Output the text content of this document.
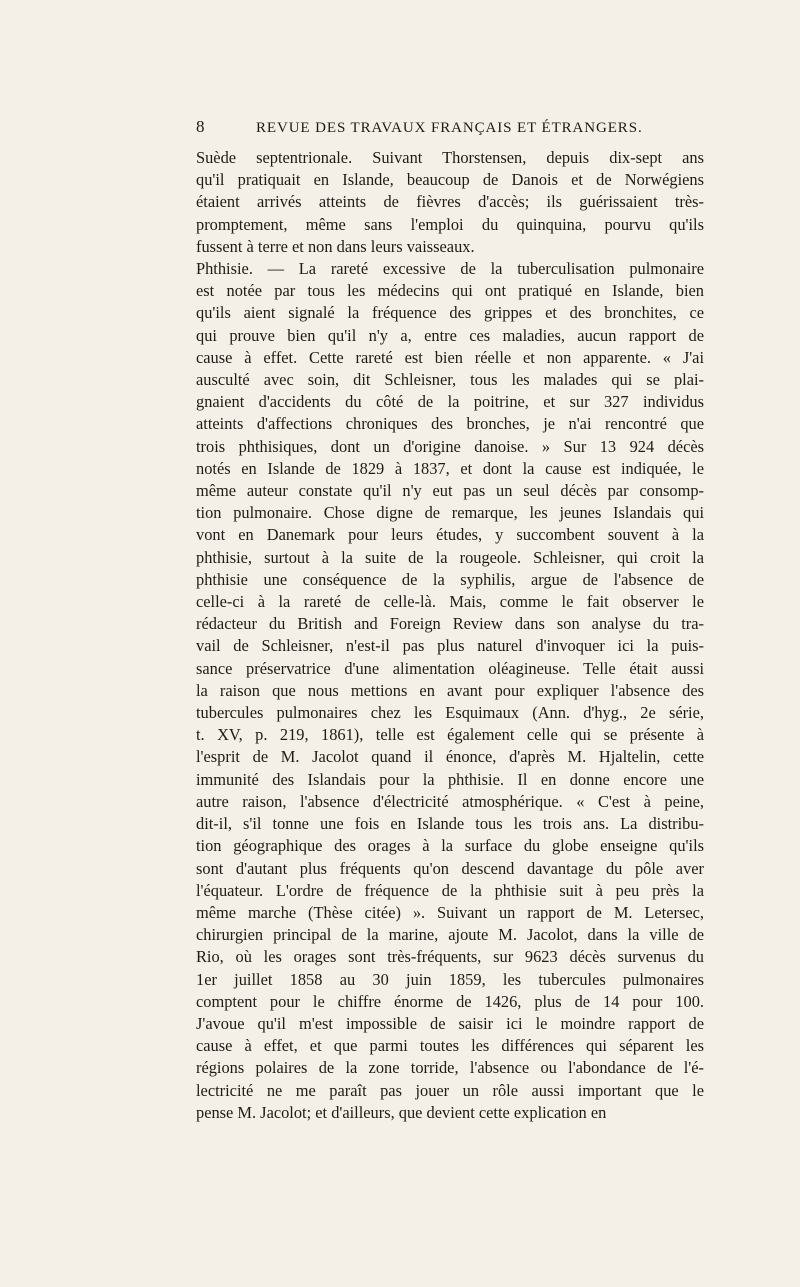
8	REVUE DES TRAVAUX FRANÇAIS ET ÉTRANGERS.
Suède septentrionale. Suivant Thorstensen, depuis dix-sept ans
qu'il pratiquait en Islande, beaucoup de Danois et de Norwégiens
étaient arrivés atteints de fièvres d'accès; ils guérissaient très-
promptement, même sans l'emploi du quinquina, pourvu qu'ils
fussent à terre et non dans leurs vaisseaux.
Phthisie. — La rareté excessive de la tuberculisation pulmonaire
est notée par tous les médecins qui ont pratiqué en Islande, bien
qu'ils aient signalé la fréquence des grippes et des bronchites, ce
qui prouve bien qu'il n'y a, entre ces maladies, aucun rapport de
cause à effet. Cette rareté est bien réelle et non apparente. « J'ai
ausculté avec soin, dit Schleisner, tous les malades qui se plai-
gnaient d'accidents du côté de la poitrine, et sur 327 individus
atteints d'affections chroniques des bronches, je n'ai rencontré que
trois phthisiques, dont un d'origine danoise. » Sur 13 924 décès
notés en Islande de 1829 à 1837, et dont la cause est indiquée, le
même auteur constate qu'il n'y eut pas un seul décès par consomp-
tion pulmonaire. Chose digne de remarque, les jeunes Islandais qui
vont en Danemark pour leurs études, y succombent souvent à la
phthisie, surtout à la suite de la rougeole. Schleisner, qui croit la
phthisie une conséquence de la syphilis, argue de l'absence de
celle-ci à la rareté de celle-là. Mais, comme le fait observer le
rédacteur du British and Foreign Review dans son analyse du tra-
vail de Schleisner, n'est-il pas plus naturel d'invoquer ici la puis-
sance préservatrice d'une alimentation oléagineuse. Telle était aussi
la raison que nous mettions en avant pour expliquer l'absence des
tubercules pulmonaires chez les Esquimaux (Ann. d'hyg., 2e série,
t. XV, p. 219, 1861), telle est également celle qui se présente à
l'esprit de M. Jacolot quand il énonce, d'après M. Hjaltelin, cette
immunité des Islandais pour la phthisie. Il en donne encore une
autre raison, l'absence d'électricité atmosphérique. « C'est à peine,
dit-il, s'il tonne une fois en Islande tous les trois ans. La distribu-
tion géographique des orages à la surface du globe enseigne qu'ils
sont d'autant plus fréquents qu'on descend davantage du pôle aver
l'équateur. L'ordre de fréquence de la phthisie suit à peu près la
même marche (Thèse citée) ». Suivant un rapport de M. Letersec,
chirurgien principal de la marine, ajoute M. Jacolot, dans la ville de
Rio, où les orages sont très-fréquents, sur 9623 décès survenus du
1er juillet 1858 au 30 juin 1859, les tubercules pulmonaires
comptent pour le chiffre énorme de 1426, plus de 14 pour 100.
J'avoue qu'il m'est impossible de saisir ici le moindre rapport de
cause à effet, et que parmi toutes les différences qui séparent les
régions polaires de la zone torride, l'absence ou l'abondance de l'é-
lectricité ne me paraît pas jouer un rôle aussi important que le
pense M. Jacolot; et d'ailleurs, que devient cette explication en
